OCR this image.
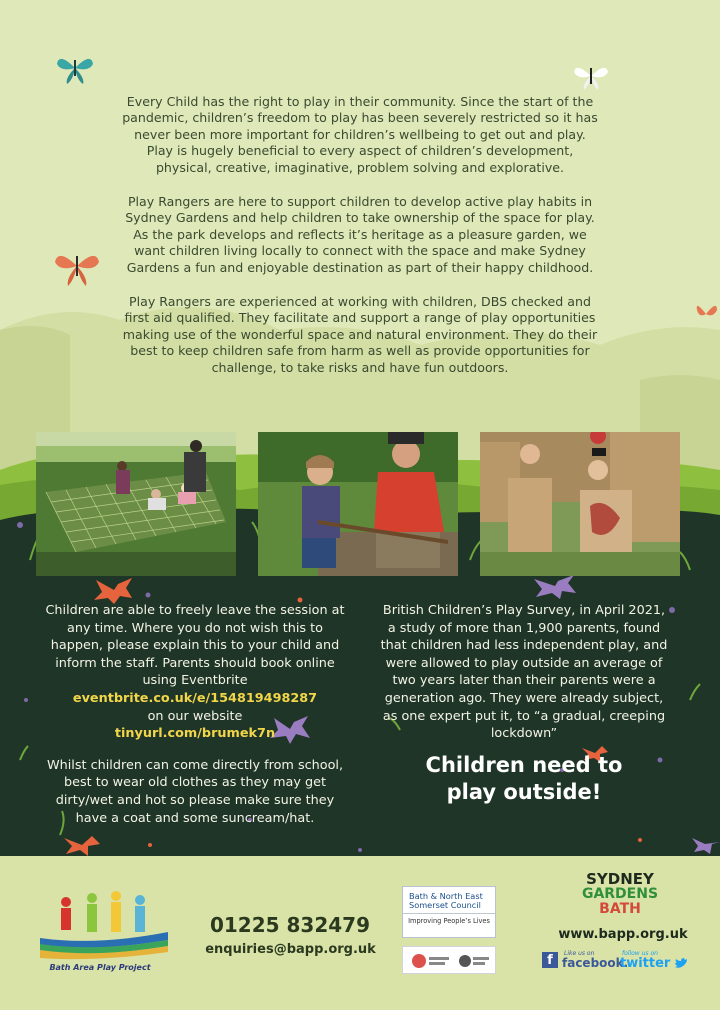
Every Child has the right to play in their community. Since the start of the pandemic, children’s freedom to play has been severely restricted so it has never been more important for children’s wellbeing to get out and play. Play is hugely beneficial to every aspect of children’s development, physical, creative, imaginative, problem solving and explorative.

Play Rangers are here to support children to develop active play habits in Sydney Gardens and help children to take ownership of the space for play. As the park develops and reflects it’s heritage as a pleasure garden, we want children living locally to connect with the space and make Sydney Gardens a fun and enjoyable destination as part of their happy childhood.

Play Rangers are experienced at working with children, DBS checked and first aid qualified. They facilitate and support a range of play opportunities making use of the wonderful space and natural environment. They do their best to keep children safe from harm as well as provide opportunities for challenge, to take risks and have fun outdoors.

Children are able to freely leave the session at any time. Where you do not wish this to happen, please explain this to your child and inform the staff. Parents should book online using Eventbrite

eventbrite.co.uk/e/154819498287

on our website

tinyurl.com/brumek7n

Whilst children can come directly from school, best to wear old clothes as they may get dirty/wet and hot so please make sure they have a coat and some suncream/hat.

British Children’s Play Survey, in April 2021, a study of more than 1,900 parents, found that children had less independent play, and were allowed to play outside an average of two years later than their parents were a generation ago. They were already subject, as one expert put it, to “a gradual, creeping lockdown”

Children need to
play outside!
Bath Area Play Project
01225 832479
enquiries@bapp.org.uk
Bath & North East Somerset Council
Improving People’s Lives
SYDNEY
GARDENS
BATH
www.bapp.org.uk
f	Like us on
facebook.
follow us on
twitter
